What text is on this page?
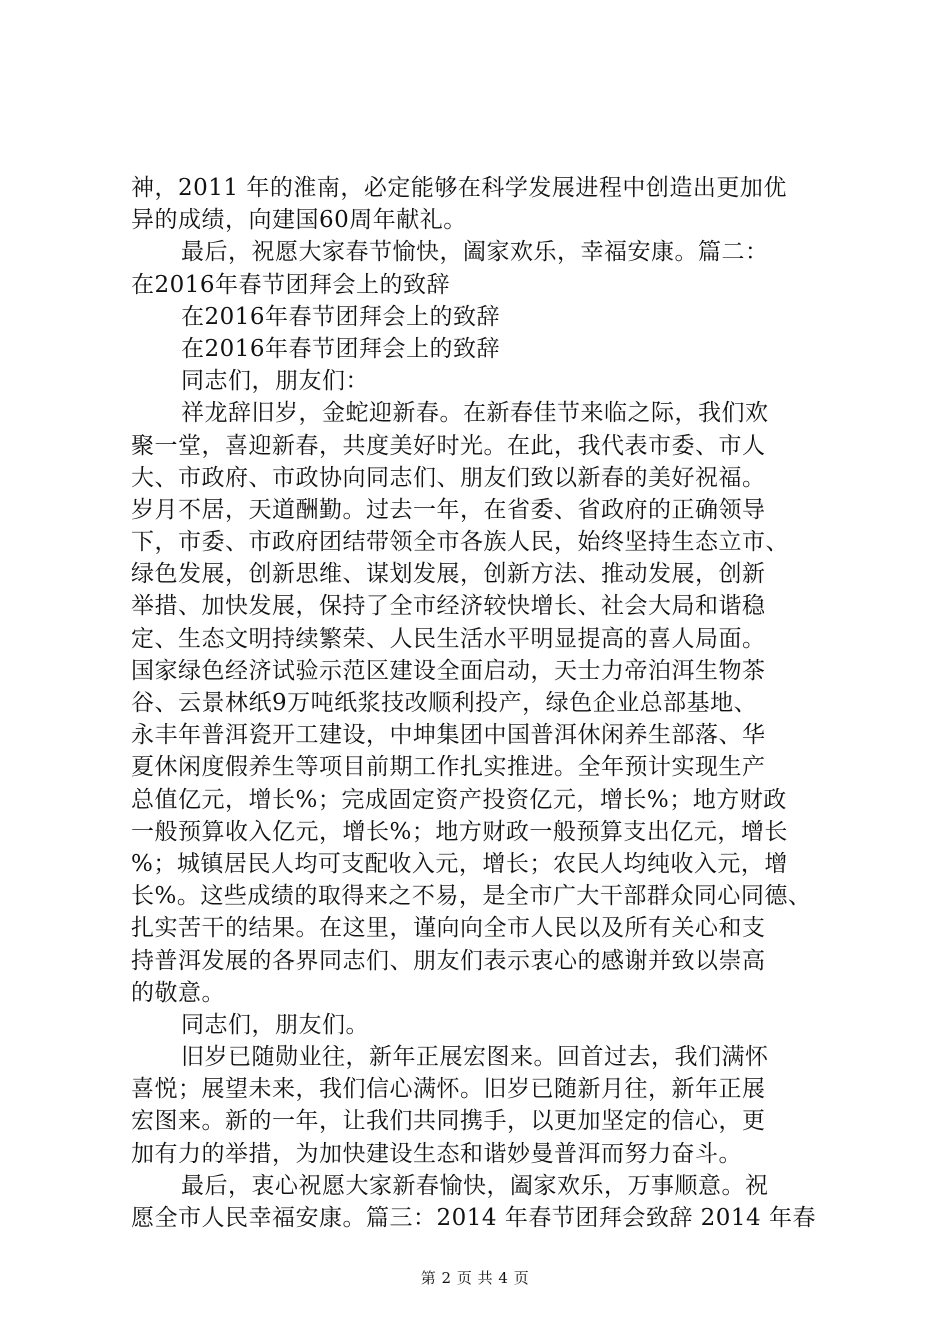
神，2011 年的淮南，必定能够在科学发展进程中创造出更加优
异的成绩，向建国60周年献礼。
最后，祝愿大家春节愉快，阖家欢乐，幸福安康。篇二：
在2016年春节团拜会上的致辞
在2016年春节团拜会上的致辞
在2016年春节团拜会上的致辞
同志们，朋友们：
祥龙辞旧岁，金蛇迎新春。在新春佳节来临之际，我们欢
聚一堂，喜迎新春，共度美好时光。在此，我代表市委、市人
大、市政府、市政协向同志们、朋友们致以新春的美好祝福。
岁月不居，天道酬勤。过去一年，在省委、省政府的正确领导
下，市委、市政府团结带领全市各族人民，始终坚持生态立市、
绿色发展，创新思维、谋划发展，创新方法、推动发展，创新
举措、加快发展，保持了全市经济较快增长、社会大局和谐稳
定、生态文明持续繁荣、人民生活水平明显提高的喜人局面。
国家绿色经济试验示范区建设全面启动，天士力帝泊洱生物茶
谷、云景林纸9万吨纸浆技改顺利投产，绿色企业总部基地、
永丰年普洱瓷开工建设，中坤集团中国普洱休闲养生部落、华
夏休闲度假养生等项目前期工作扎实推进。全年预计实现生产
总值亿元，增长%；完成固定资产投资亿元，增长%；地方财政
一般预算收入亿元，增长%；地方财政一般预算支出亿元，增长
%；城镇居民人均可支配收入元，增长；农民人均纯收入元，增
长%。这些成绩的取得来之不易，是全市广大干部群众同心同德、
扎实苦干的结果。在这里，谨向向全市人民以及所有关心和支
持普洱发展的各界同志们、朋友们表示衷心的感谢并致以崇高
的敬意。
同志们，朋友们。
旧岁已随勋业往，新年正展宏图来。回首过去，我们满怀
喜悦；展望未来，我们信心满怀。旧岁已随新月往，新年正展
宏图来。新的一年，让我们共同携手，以更加坚定的信心，更
加有力的举措，为加快建设生态和谐妙曼普洱而努力奋斗。
最后，衷心祝愿大家新春愉快，阖家欢乐，万事顺意。祝
愿全市人民幸福安康。篇三：2014 年春节团拜会致辞 2014 年春
第 2 页 共 4 页
